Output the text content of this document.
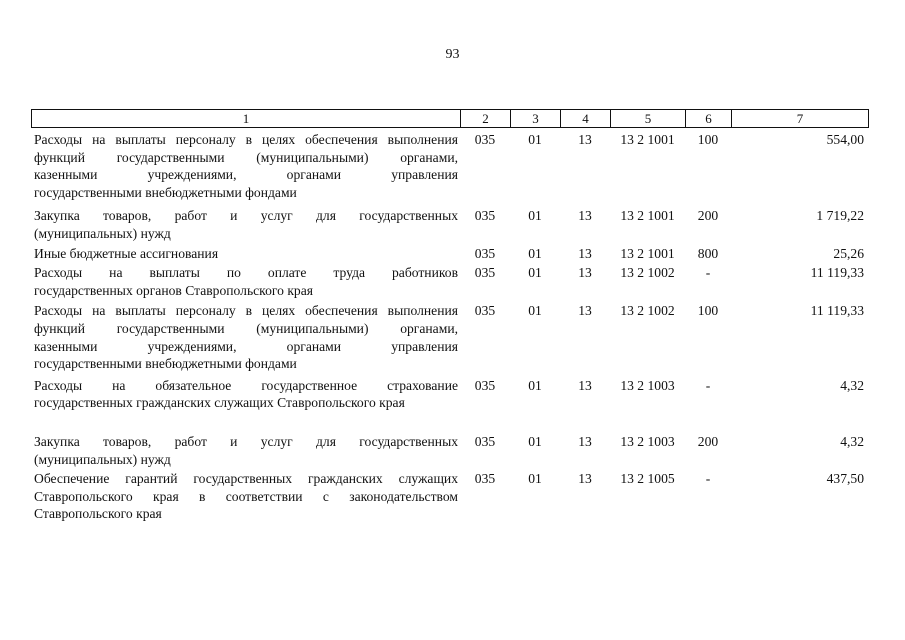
93
1	2	3	4	5	6	7
Расходы на выплаты персоналу в целях обеспечения выполнения
функций государственными (муниципальными) органами,
казенными учреждениями, органами управления
государственными внебюджетными фондами
035	01	13	13 2 1001	100	554,00
Закупка товаров, работ и услуг для государственных
(муниципальных) нужд
035	01	13	13 2 1001	200	1 719,22
Иные бюджетные ассигнования	035	01	13	13 2 1001	800	25,26
Расходы на выплаты по оплате труда работников
государственных органов Ставропольского края
035	01	13	13 2 1002	-	11 119,33
Расходы на выплаты персоналу в целях обеспечения выполнения
функций государственными (муниципальными) органами,
казенными учреждениями, органами управления
государственными внебюджетными фондами
035	01	13	13 2 1002	100	11 119,33
Расходы на обязательное государственное страхование
государственных гражданских служащих Ставропольского края
035	01	13	13 2 1003	-	4,32
Закупка товаров, работ и услуг для государственных
(муниципальных) нужд
035	01	13	13 2 1003	200	4,32
Обеспечение гарантий государственных гражданских служащих
Ставропольского края в соответствии с законодательством
Ставропольского края
035	01	13	13 2 1005	-	437,50
